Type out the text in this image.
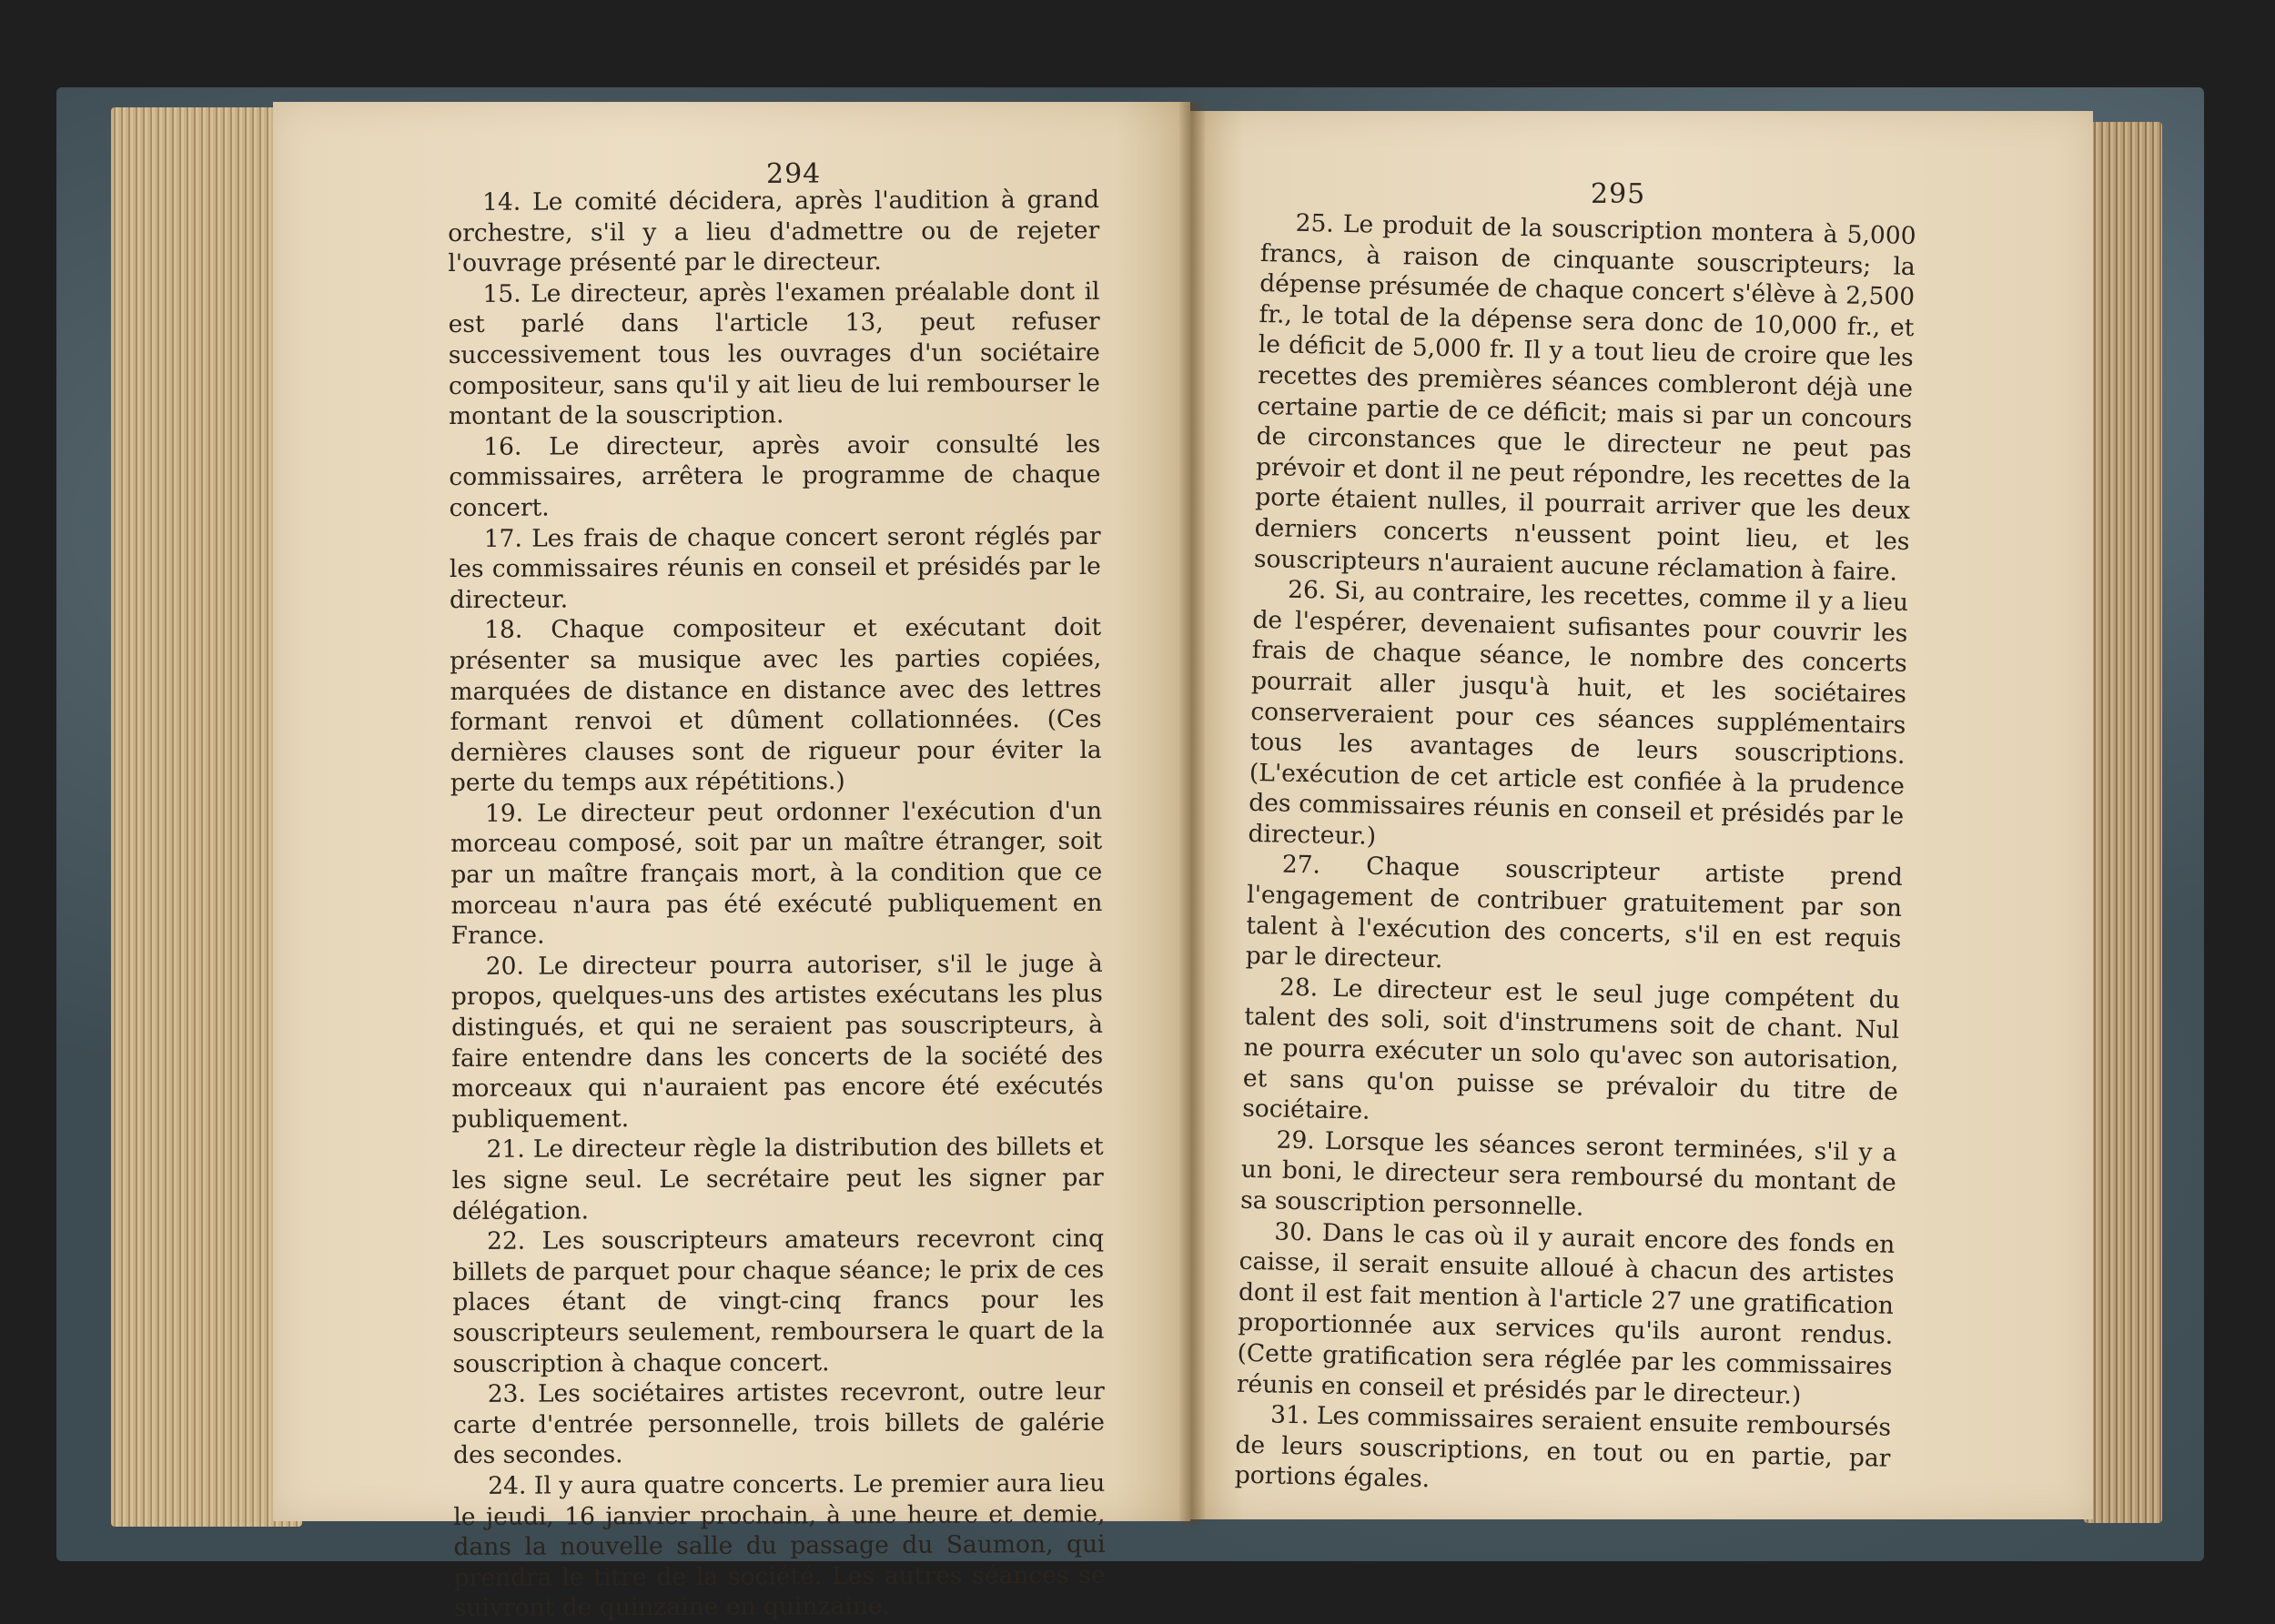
294
295

14. Le comité décidera, après l'audition à grand orchestre, s'il y a lieu d'admettre ou de rejeter l'ouvrage présenté par le directeur.

15. Le directeur, après l'examen préalable dont il est parlé dans l'article 13, peut refuser successivement tous les ouvrages d'un sociétaire compositeur, sans qu'il y ait lieu de lui rembourser le montant de la souscription.

16. Le directeur, après avoir consulté les commissaires, arrêtera le programme de chaque concert.

17. Les frais de chaque concert seront réglés par les commissaires réunis en conseil et présidés par le directeur.

18. Chaque compositeur et exécutant doit présenter sa musique avec les parties copiées, marquées de distance en distance avec des lettres formant renvoi et dûment collationnées. (Ces dernières clauses sont de rigueur pour éviter la perte du temps aux répétitions.)

19. Le directeur peut ordonner l'exécution d'un morceau composé, soit par un maître étranger, soit par un maître français mort, à la condition que ce morceau n'aura pas été exécuté publiquement en France.

20. Le directeur pourra autoriser, s'il le juge à propos, quelques-uns des artistes exécutans les plus distingués, et qui ne seraient pas souscripteurs, à faire entendre dans les concerts de la société des morceaux qui n'auraient pas encore été exécutés publiquement.

21. Le directeur règle la distribution des billets et les signe seul. Le secrétaire peut les signer par délégation.

22. Les souscripteurs amateurs recevront cinq billets de parquet pour chaque séance; le prix de ces places étant de vingt-cinq francs pour les souscripteurs seulement, remboursera le quart de la souscription à chaque concert.

23. Les sociétaires artistes recevront, outre leur carte d'entrée personnelle, trois billets de galérie des secondes.

24. Il y aura quatre concerts. Le premier aura lieu le jeudi, 16 janvier prochain, à une heure et demie, dans la nouvelle salle du passage du Saumon, qui prendra le titre de la société. Les autres séances se suivront de quinzaine en quinzaine.

25. Le produit de la souscription montera à 5,000 francs, à raison de cinquante souscripteurs; la dépense présumée de chaque concert s'élève à 2,500 fr., le total de la dépense sera donc de 10,000 fr., et le déficit de 5,000 fr. Il y a tout lieu de croire que les recettes des premières séances combleront déjà une certaine partie de ce déficit; mais si par un concours de circonstances que le directeur ne peut pas prévoir et dont il ne peut répondre, les recettes de la porte étaient nulles, il pourrait arriver que les deux derniers concerts n'eussent point lieu, et les souscripteurs n'auraient aucune réclamation à faire.

26. Si, au contraire, les recettes, comme il y a lieu de l'espérer, devenaient sufisantes pour couvrir les frais de chaque séance, le nombre des concerts pourrait aller jusqu'à huit, et les sociétaires conserveraient pour ces séances supplémentairs tous les avantages de leurs souscriptions. (L'exécution de cet article est confiée à la prudence des commissaires réunis en conseil et présidés par le directeur.)

27. Chaque souscripteur artiste prend l'engagement de contribuer gratuitement par son talent à l'exécution des concerts, s'il en est requis par le directeur.

28. Le directeur est le seul juge compétent du talent des soli, soit d'instrumens soit de chant. Nul ne pourra exécuter un solo qu'avec son autorisation, et sans qu'on puisse se prévaloir du titre de sociétaire.

29. Lorsque les séances seront terminées, s'il y a un boni, le directeur sera remboursé du montant de sa souscription personnelle.

30. Dans le cas où il y aurait encore des fonds en caisse, il serait ensuite alloué à chacun des artistes dont il est fait mention à l'article 27 une gratification proportionnée aux services qu'ils auront rendus. (Cette gratification sera réglée par les commissaires réunis en conseil et présidés par le directeur.)

31. Les commissaires seraient ensuite remboursés de leurs souscriptions, en tout ou en partie, par portions égales.
